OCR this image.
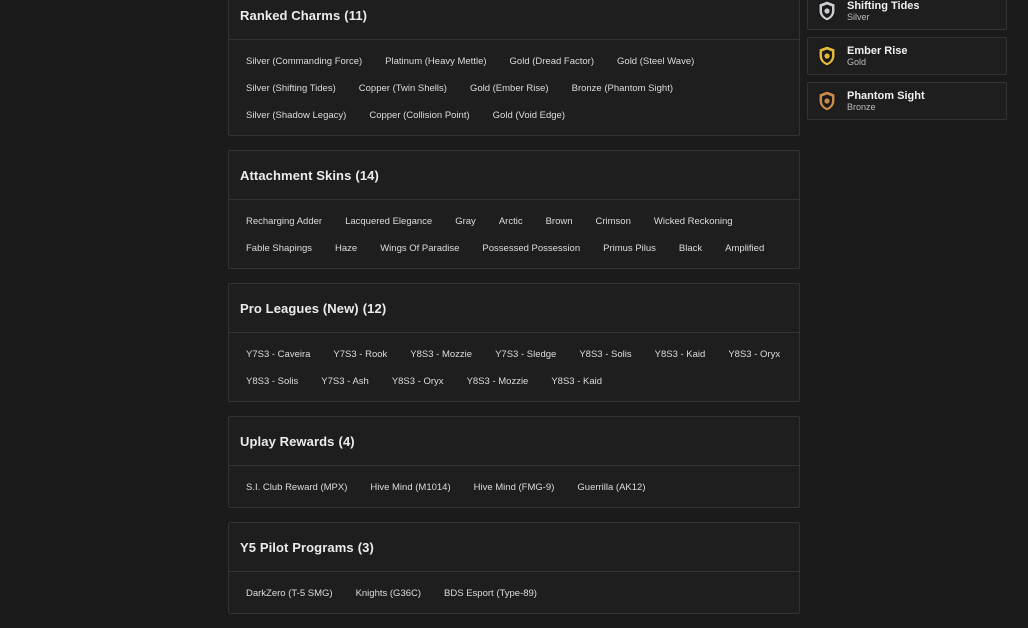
Ranked Charms (11)
Silver (Commanding Force)	Platinum (Heavy Mettle)	Gold (Dread Factor)	Gold (Steel Wave)
Silver (Shifting Tides)	Copper (Twin Shells)	Gold (Ember Rise)	Bronze (Phantom Sight)
Silver (Shadow Legacy)	Copper (Collision Point)	Gold (Void Edge)
Attachment Skins (14)
Recharging Adder	Lacquered Elegance	Gray	Arctic	Brown	Crimson	Wicked Reckoning
Fable Shapings	Haze	Wings Of Paradise	Possessed Possession	Primus Pilus	Black	Amplified
Pro Leagues (New) (12)
Y7S3 - Caveira	Y7S3 - Rook	Y8S3 - Mozzie	Y7S3 - Sledge	Y8S3 - Solis	Y8S3 - Kaid	Y8S3 - Oryx
Y8S3 - Solis	Y7S3 - Ash	Y8S3 - Oryx	Y8S3 - Mozzie	Y8S3 - Kaid
Uplay Rewards (4)
S.I. Club Reward (MPX)	Hive Mind (M1014)	Hive Mind (FMG-9)	Guerrilla (AK12)
Y5 Pilot Programs (3)
DarkZero (T-5 SMG)	Knights (G36C)	BDS Esport (Type-89)
Shifting Tides
Silver
Ember Rise
Gold
Phantom Sight
Bronze
